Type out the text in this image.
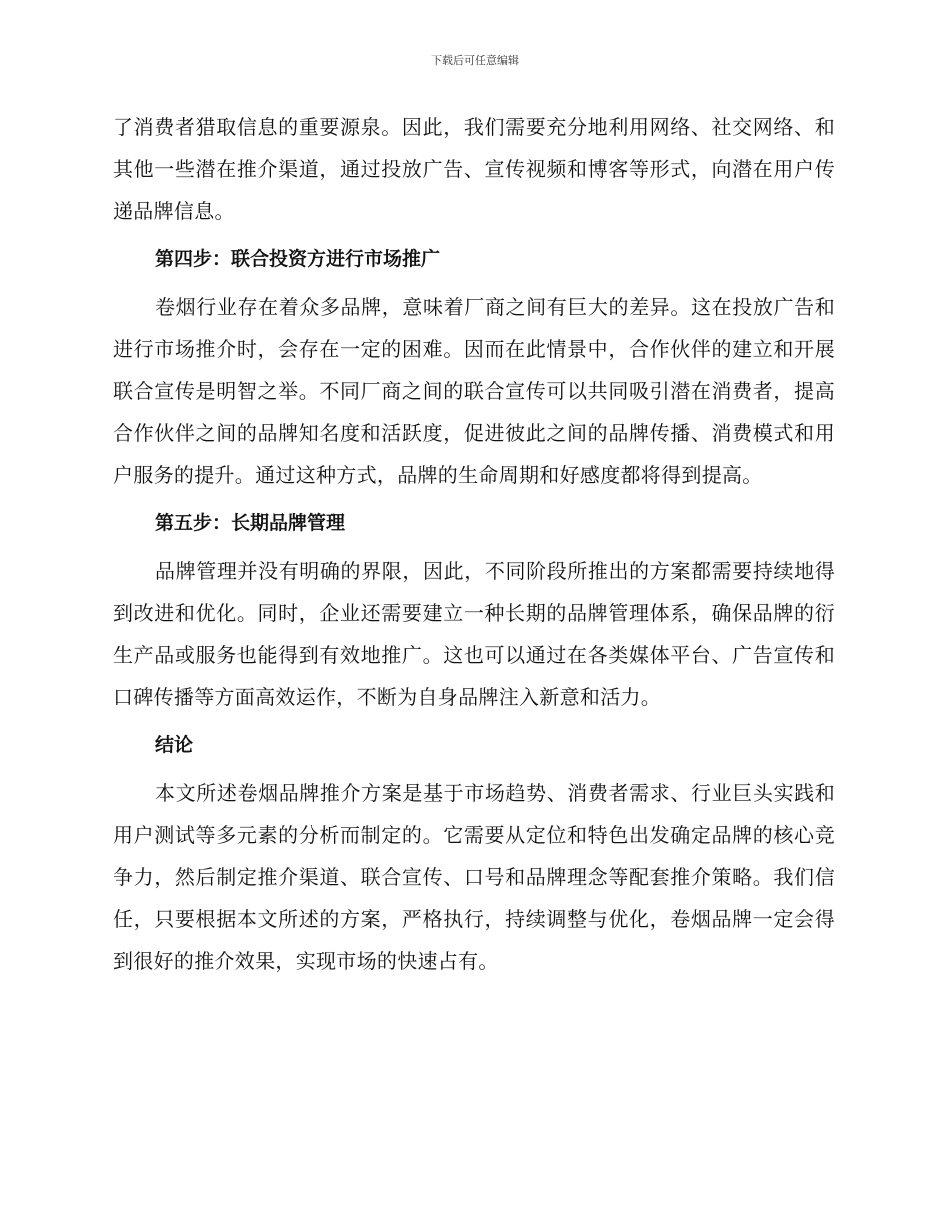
下载后可任意编辑

了消费者猎取信息的重要源泉。因此，我们需要充分地利用网络、社交网络、和其他一些潜在推介渠道，通过投放广告、宣传视频和博客等形式，向潜在用户传递品牌信息。

第四步：联合投资方进行市场推广

卷烟行业存在着众多品牌，意味着厂商之间有巨大的差异。这在投放广告和进行市场推介时，会存在一定的困难。因而在此情景中，合作伙伴的建立和开展联合宣传是明智之举。不同厂商之间的联合宣传可以共同吸引潜在消费者，提高合作伙伴之间的品牌知名度和活跃度，促进彼此之间的品牌传播、消费模式和用户服务的提升。通过这种方式，品牌的生命周期和好感度都将得到提高。

第五步：长期品牌管理

品牌管理并没有明确的界限，因此，不同阶段所推出的方案都需要持续地得到改进和优化。同时，企业还需要建立一种长期的品牌管理体系，确保品牌的衍生产品或服务也能得到有效地推广。这也可以通过在各类媒体平台、广告宣传和口碑传播等方面高效运作，不断为自身品牌注入新意和活力。

结论

本文所述卷烟品牌推介方案是基于市场趋势、消费者需求、行业巨头实践和用户测试等多元素的分析而制定的。它需要从定位和特色出发确定品牌的核心竞争力，然后制定推介渠道、联合宣传、口号和品牌理念等配套推介策略。我们信任，只要根据本文所述的方案，严格执行，持续调整与优化，卷烟品牌一定会得到很好的推介效果，实现市场的快速占有。
